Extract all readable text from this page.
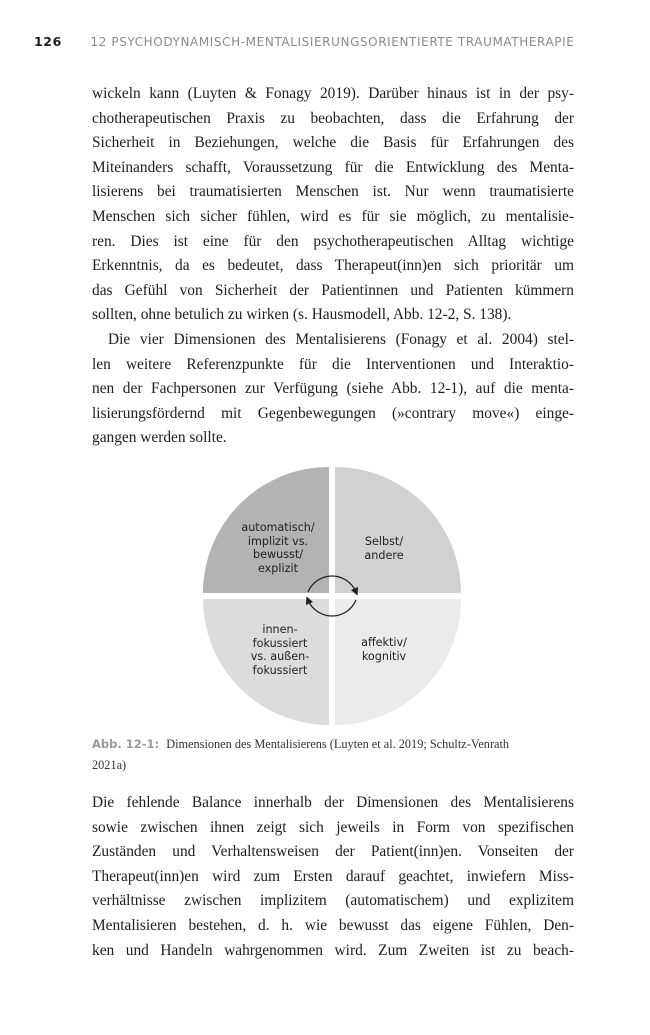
126 12 PSYCHODYNAMISCH-MENTALISIERUNGSORIENTIERTE TRAUMATHERAPIE
wickeln kann (Luyten & Fonagy 2019). Darüber hinaus ist in der psy-
chotherapeutischen Praxis zu beobachten, dass die Erfahrung der
Sicherheit in Beziehungen, welche die Basis für Erfahrungen des
Miteinanders schafft, Voraussetzung für die Entwicklung des Menta-
lisierens bei traumatisierten Menschen ist. Nur wenn traumatisierte
Menschen sich sicher fühlen, wird es für sie möglich, zu mentalisie-
ren. Dies ist eine für den psychotherapeutischen Alltag wichtige
Erkenntnis, da es bedeutet, dass Therapeut(inn)en sich prioritär um
das Gefühl von Sicherheit der Patientinnen und Patienten kümmern
sollten, ohne betulich zu wirken (s. Hausmodell, Abb. 12-2, S. 138).
Die vier Dimensionen des Mentalisierens (Fonagy et al. 2004) stel-
len weitere Referenzpunkte für die Interventionen und Interaktio-
nen der Fachpersonen zur Verfügung (siehe Abb. 12-1), auf die menta-
lisierungsfördernd mit Gegenbewegungen (»contrary move«) einge-
gangen werden sollte.
automatisch/
implizit vs.
bewusst/
explizit
Selbst/
andere
innen-
fokussiert
vs. außen-
fokussiert
affektiv/
kognitiv
Abb. 12-1: Dimensionen des Mentalisierens (Luyten et al. 2019; Schultz-Venrath
2021a)
Die fehlende Balance innerhalb der Dimensionen des Mentalisierens
sowie zwischen ihnen zeigt sich jeweils in Form von spezifischen
Zuständen und Verhaltensweisen der Patient(inn)en. Vonseiten der
Therapeut(inn)en wird zum Ersten darauf geachtet, inwiefern Miss-
verhältnisse zwischen implizitem (automatischem) und explizitem
Mentalisieren bestehen, d. h. wie bewusst das eigene Fühlen, Den-
ken und Handeln wahrgenommen wird. Zum Zweiten ist zu beach-
